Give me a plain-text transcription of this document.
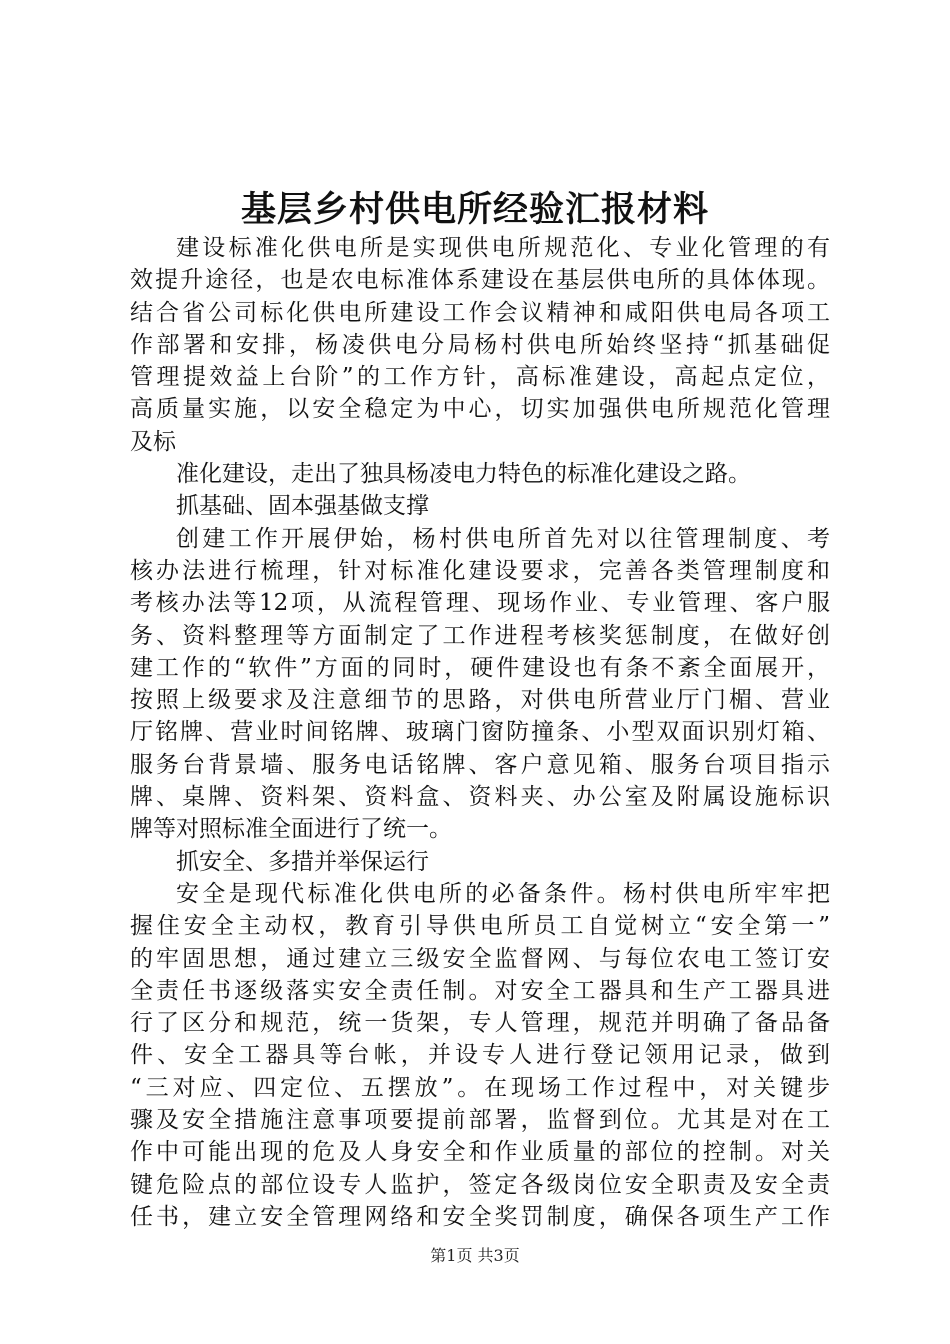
基层乡村供电所经验汇报材料
建设标准化供电所是实现供电所规范化、专业化管理的有
效提升途径，也是农电标准体系建设在基层供电所的具体体现。
结合省公司标化供电所建设工作会议精神和咸阳供电局各项工
作部署和安排，杨凌供电分局杨村供电所始终坚持“抓基础促
管理提效益上台阶”的工作方针，高标准建设，高起点定位，
高质量实施，以安全稳定为中心，切实加强供电所规范化管理
及标
准化建设，走出了独具杨凌电力特色的标准化建设之路。
抓基础、固本强基做支撑
创建工作开展伊始，杨村供电所首先对以往管理制度、考
核办法进行梳理，针对标准化建设要求，完善各类管理制度和
考核办法等12项，从流程管理、现场作业、专业管理、客户服
务、资料整理等方面制定了工作进程考核奖惩制度，在做好创
建工作的“软件”方面的同时，硬件建设也有条不紊全面展开，
按照上级要求及注意细节的思路，对供电所营业厅门楣、营业
厅铭牌、营业时间铭牌、玻璃门窗防撞条、小型双面识别灯箱、
服务台背景墙、服务电话铭牌、客户意见箱、服务台项目指示
牌、桌牌、资料架、资料盒、资料夹、办公室及附属设施标识
牌等对照标准全面进行了统一。
抓安全、多措并举保运行
安全是现代标准化供电所的必备条件。杨村供电所牢牢把
握住安全主动权，教育引导供电所员工自觉树立“安全第一”
的牢固思想，通过建立三级安全监督网、与每位农电工签订安
全责任书逐级落实安全责任制。对安全工器具和生产工器具进
行了区分和规范，统一货架，专人管理，规范并明确了备品备
件、安全工器具等台帐，并设专人进行登记领用记录，做到
“三对应、四定位、五摆放”。在现场工作过程中，对关键步
骤及安全措施注意事项要提前部署，监督到位。尤其是对在工
作中可能出现的危及人身安全和作业质量的部位的控制。对关
键危险点的部位设专人监护，签定各级岗位安全职责及安全责
任书，建立安全管理网络和安全奖罚制度，确保各项生产工作
第1页 共3页
